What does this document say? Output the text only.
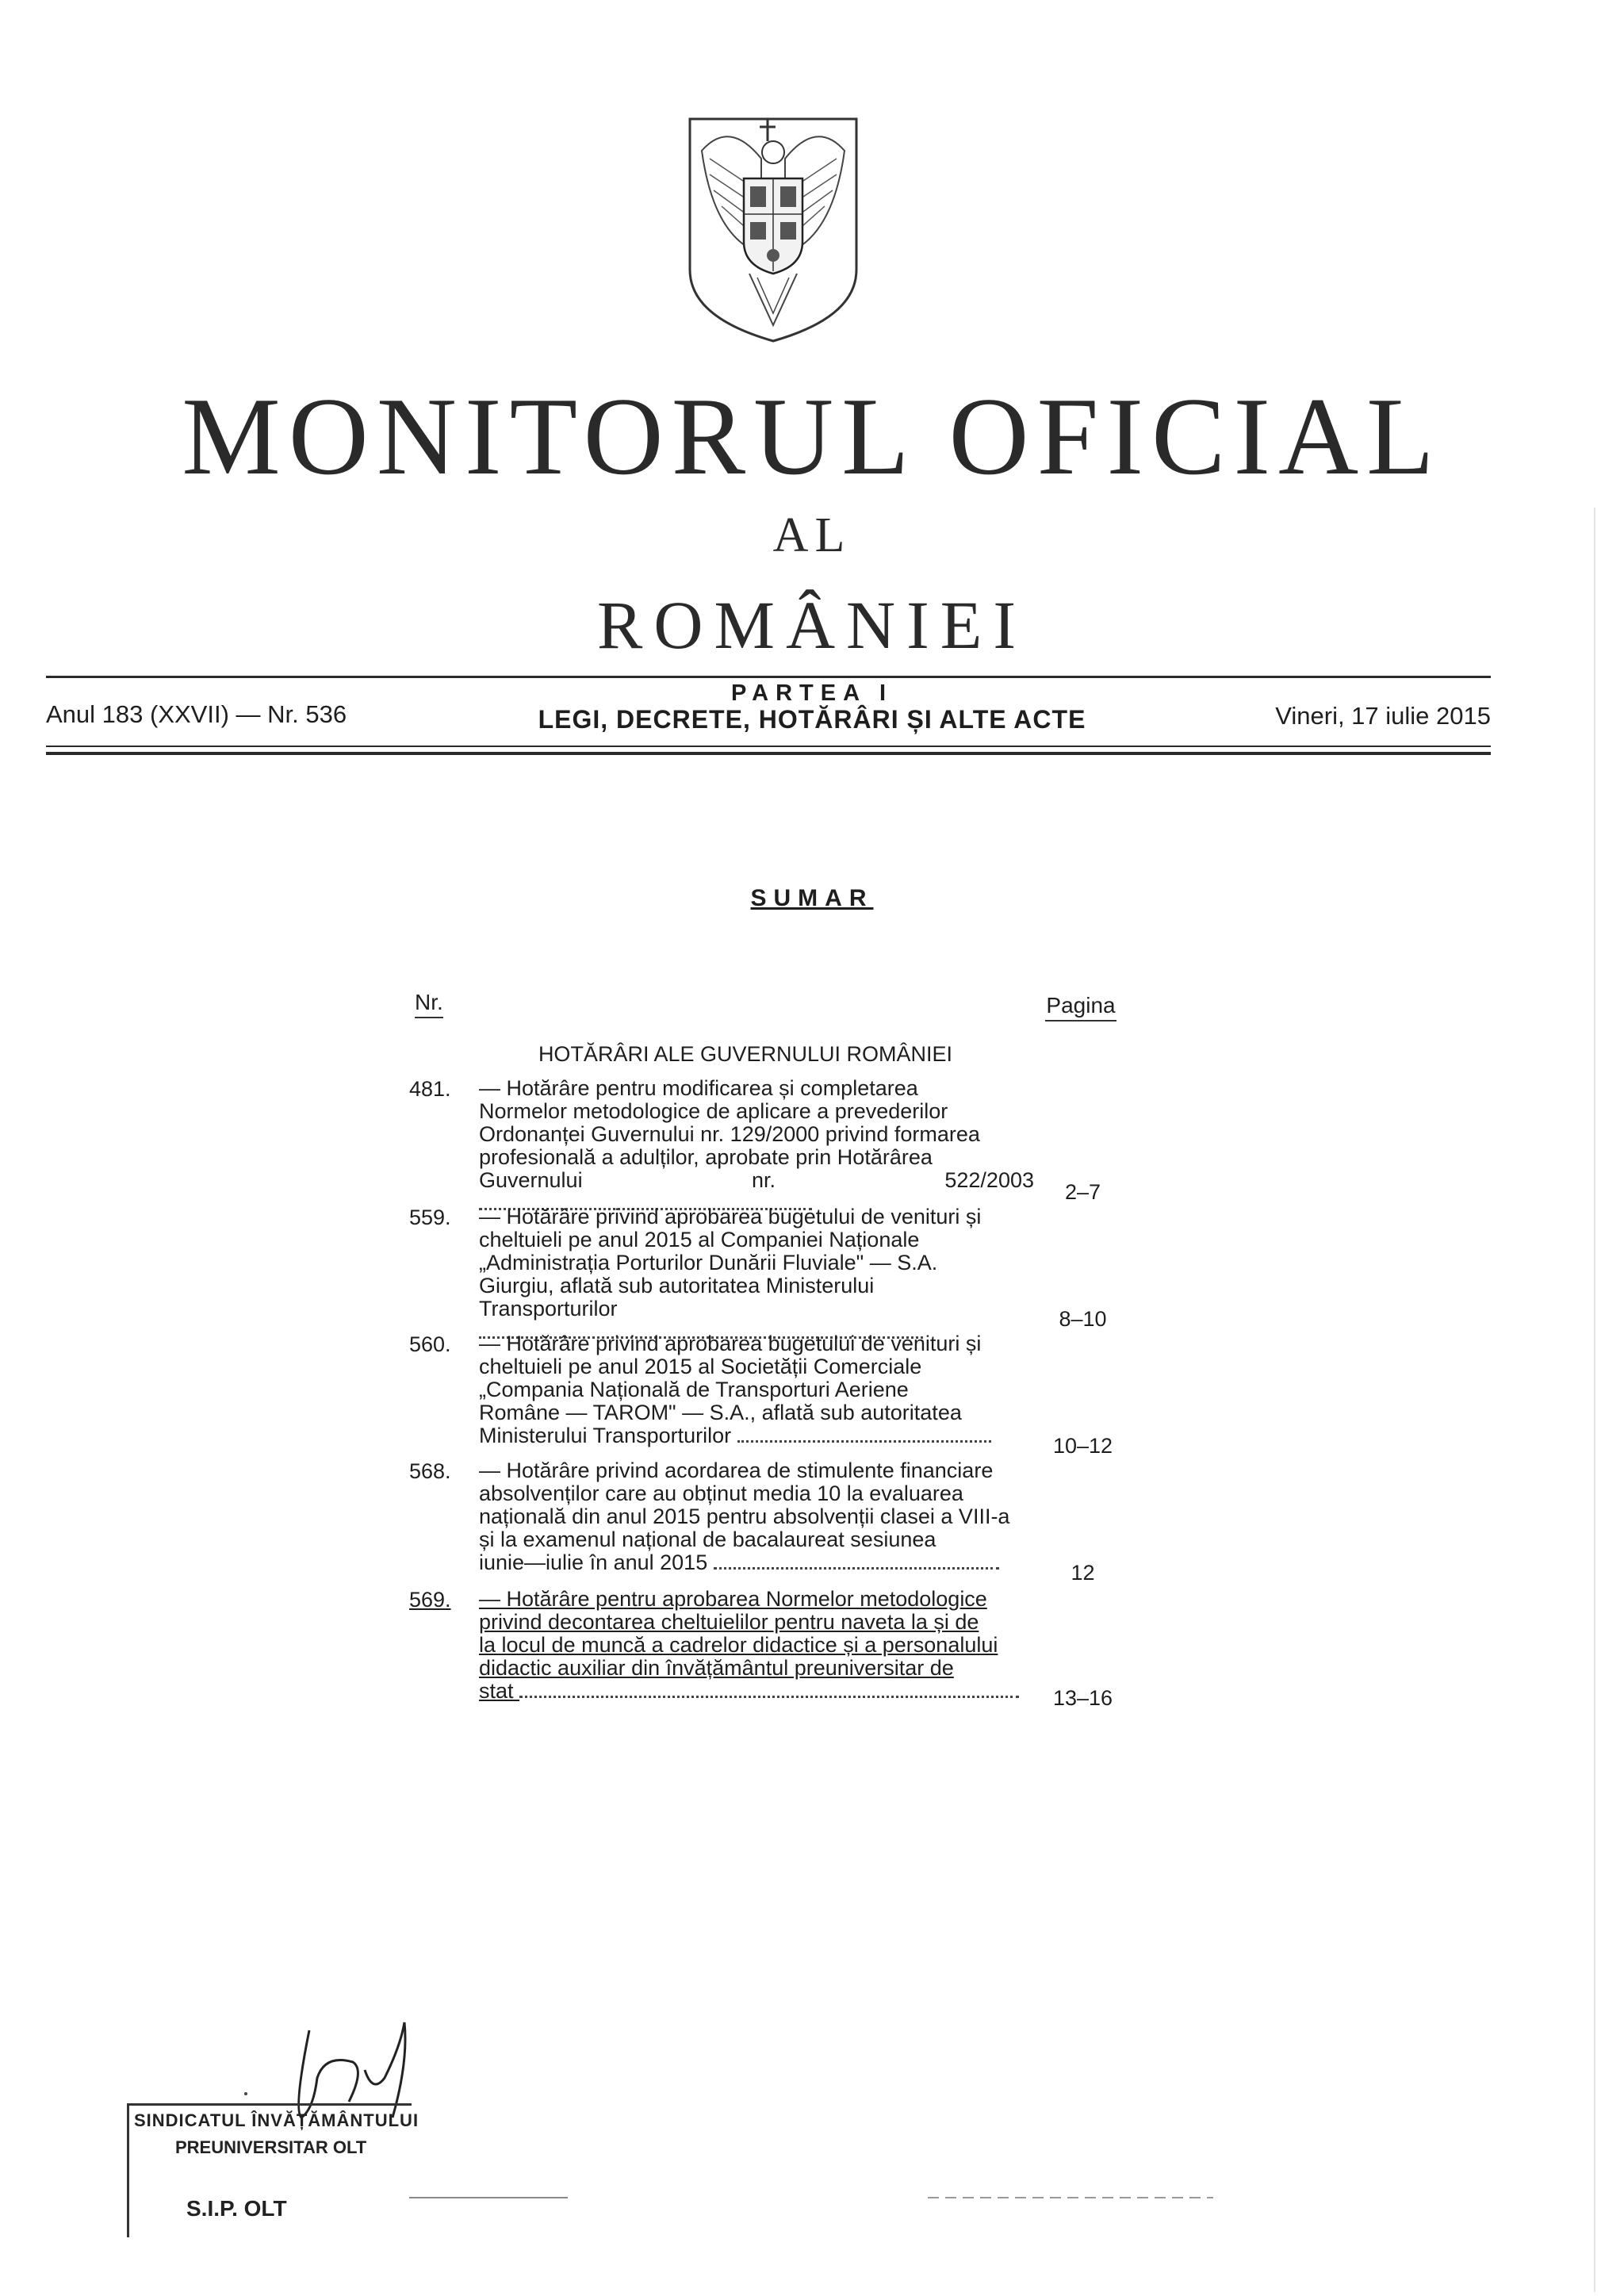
MONITORUL OFICIAL
AL
ROMÂNIEI
Anul 183 (XXVII) — Nr. 536
PARTEA I
LEGI, DECRETE, HOTĂRÂRI ȘI ALTE ACTE	Vineri, 17 iulie 2015
SUMAR
Nr.	Pagina
HOTĂRÂRI ALE GUVERNULUI ROMÂNIEI
481. — Hotărâre pentru modificarea și completarea
Normelor metodologice de aplicare a prevederilor
Ordonanței Guvernului nr. 129/2000 privind formarea
profesională a adulților, aprobate prin Hotărârea
Guvernului nr. 522/2003	2–7
559. — Hotărâre privind aprobarea bugetului de venituri și
cheltuieli pe anul 2015 al Companiei Naționale
„Administrația Porturilor Dunării Fluviale" — S.A.
Giurgiu, aflată sub autoritatea Ministerului
Transporturilor	8–10
560. — Hotărâre privind aprobarea bugetului de venituri și
cheltuieli pe anul 2015 al Societății Comerciale
„Compania Națională de Transporturi Aeriene
Române — TAROM" — S.A., aflată sub autoritatea
Ministerului Transporturilor	10–12
568. — Hotărâre privind acordarea de stimulente financiare
absolvenților care au obținut media 10 la evaluarea
națională din anul 2015 pentru absolvenții clasei a VIII-a
și la examenul național de bacalaureat sesiunea
iunie—iulie în anul 2015	12
569. — Hotărâre pentru aprobarea Normelor metodologice
privind decontarea cheltuielilor pentru naveta la și de
la locul de muncă a cadrelor didactice și a personalului
didactic auxiliar din învățământul preuniversitar de
stat	13–16
SINDICATUL ÎNVĂȚĂMÂNTULUI
PREUNIVERSITAR OLT
S.I.P. OLT
